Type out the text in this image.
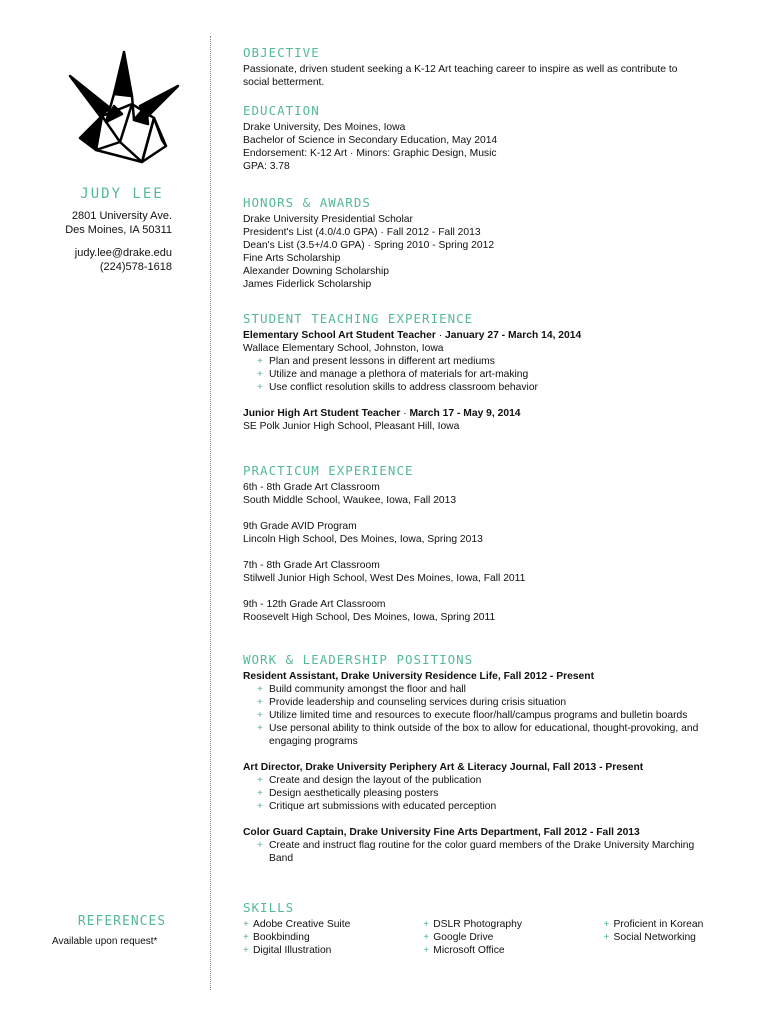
JUDY LEE
2801 University Ave.
Des Moines, IA 50311
judy.lee@drake.edu
(224)578-1618
REFERENCES
Available upon request*
OBJECTIVE
Passionate, driven student seeking a K-12 Art teaching career to inspire as well as contribute to social betterment.
EDUCATION
Drake University, Des Moines, Iowa
Bachelor of Science in Secondary Education, May 2014
Endorsement: K-12 Art · Minors: Graphic Design, Music
GPA: 3.78
HONORS & AWARDS
Drake University Presidential Scholar
President's List (4.0/4.0 GPA) · Fall 2012 - Fall 2013
Dean's List (3.5+/4.0 GPA) · Spring 2010 - Spring 2012
Fine Arts Scholarship
Alexander Downing Scholarship
James Fiderlick Scholarship
STUDENT TEACHING EXPERIENCE
Elementary School Art Student Teacher · January 27 - March 14, 2014
Wallace Elementary School, Johnston, Iowa
+ Plan and present lessons in different art mediums
+ Utilize and manage a plethora of materials for art-making
+ Use conflict resolution skills to address classroom behavior
Junior High Art Student Teacher · March 17 - May 9, 2014
SE Polk Junior High School, Pleasant Hill, Iowa
PRACTICUM EXPERIENCE
6th - 8th Grade Art Classroom
South Middle School, Waukee, Iowa, Fall 2013
9th Grade AVID Program
Lincoln High School, Des Moines, Iowa, Spring 2013
7th - 8th Grade Art Classroom
Stilwell Junior High School, West Des Moines, Iowa, Fall 2011
9th - 12th Grade Art Classroom
Roosevelt High School, Des Moines, Iowa, Spring 2011
WORK & LEADERSHIP POSITIONS
Resident Assistant, Drake University Residence Life, Fall 2012 - Present
+ Build community amongst the floor and hall
+ Provide leadership and counseling services during crisis situation
+ Utilize limited time and resources to execute floor/hall/campus programs and bulletin boards
+ Use personal ability to think outside of the box to allow for educational, thought-provoking, and engaging programs
Art Director, Drake University Periphery Art & Literacy Journal, Fall 2013 - Present
+ Create and design the layout of the publication
+ Design aesthetically pleasing posters
+ Critique art submissions with educated perception
Color Guard Captain, Drake University Fine Arts Department, Fall 2012 - Fall 2013
+ Create and instruct flag routine for the color guard members of the Drake University Marching Band
SKILLS
+ Adobe Creative Suite
+ Bookbinding
+ Digital Illustration
+ DSLR Photography
+ Google Drive
+ Microsoft Office
+ Proficient in Korean
+ Social Networking
